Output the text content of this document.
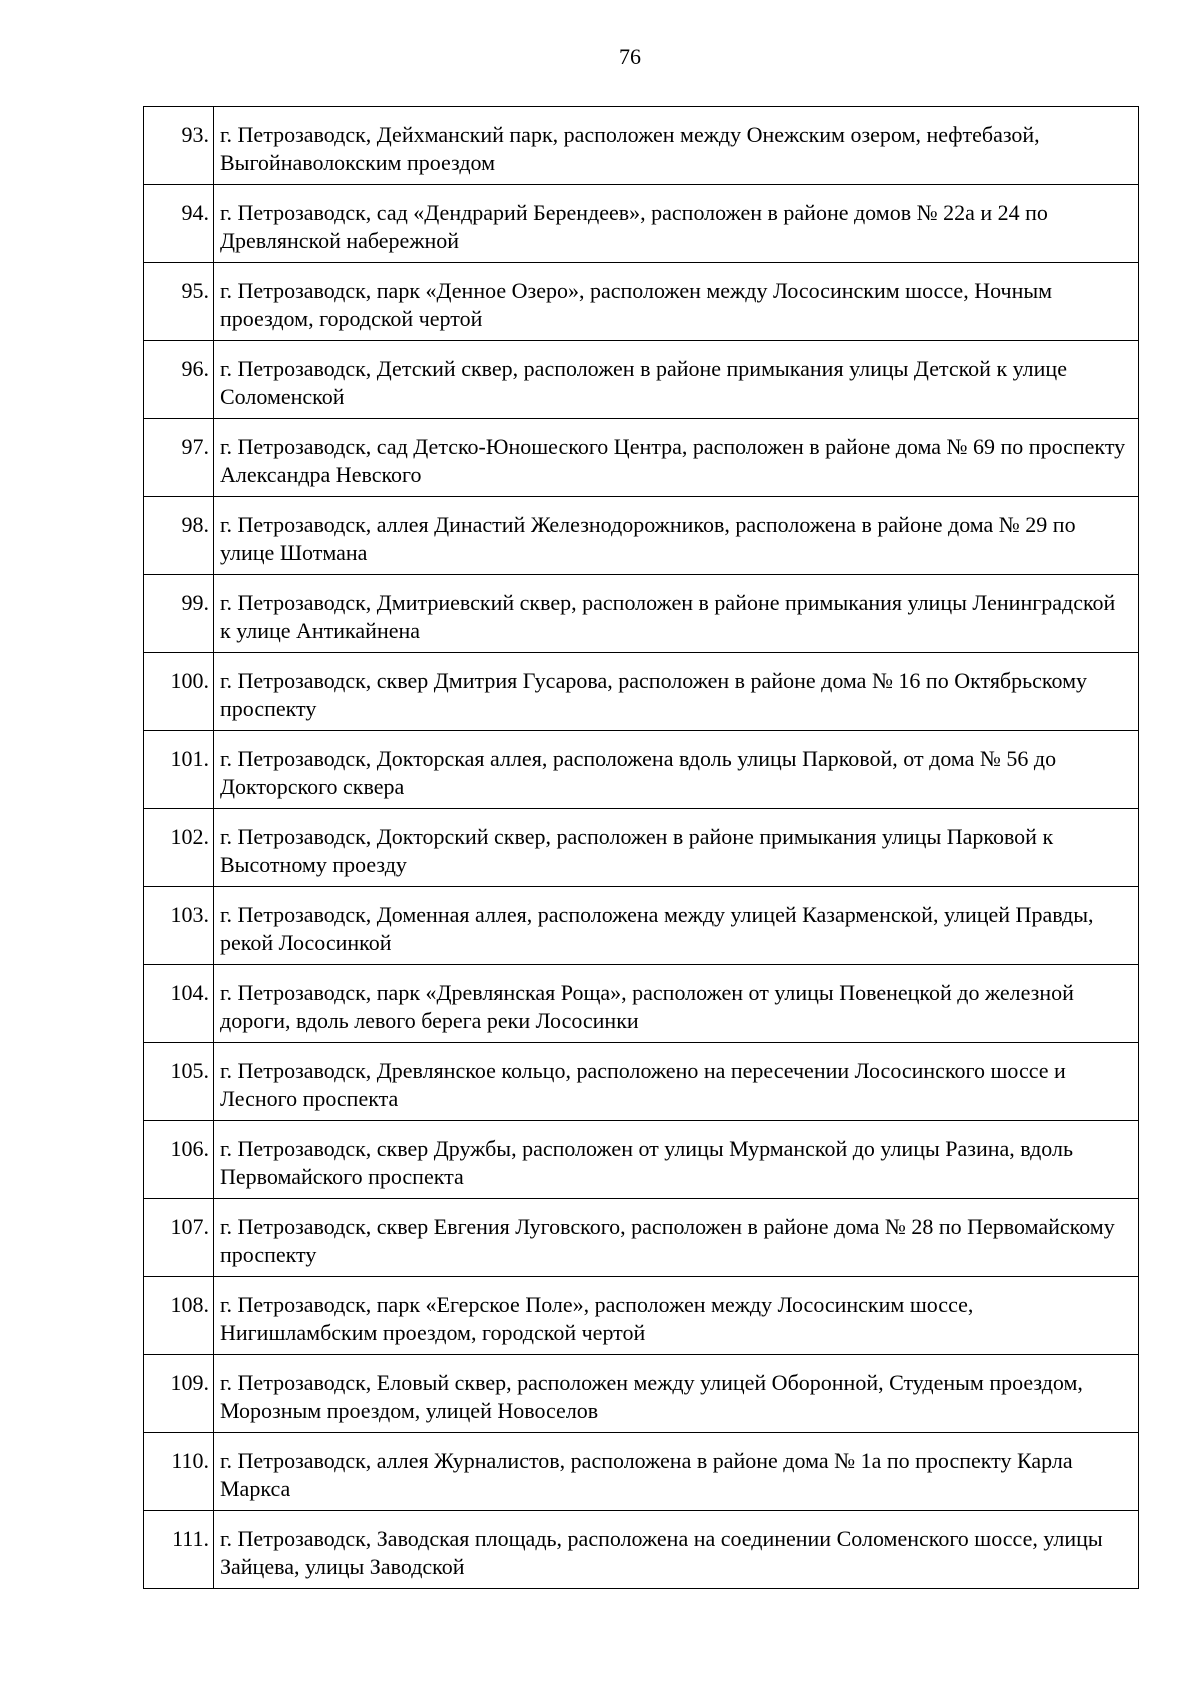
76
93.	г. Петрозаводск, Дейхманский парк, расположен между Онежским озером, нефтебазой, Выгойнаволокским проездом
94.	г. Петрозаводск, сад «Дендрарий Берендеев», расположен в районе домов № 22а и 24 по Древлянской набережной
95.	г. Петрозаводск, парк «Денное Озеро», расположен между Лососинским шоссе, Ночным проездом, городской чертой
96.	г. Петрозаводск, Детский сквер, расположен в районе примыкания улицы Детской к улице Соломенской
97.	г. Петрозаводск, сад Детско-Юношеского Центра, расположен в районе дома № 69 по проспекту Александра Невского
98.	г. Петрозаводск, аллея Династий Железнодорожников, расположена в районе дома № 29 по улице Шотмана
99.	г. Петрозаводск, Дмитриевский сквер, расположен в районе примыкания улицы Ленинградской к улице Антикайнена
100.	г. Петрозаводск, сквер Дмитрия Гусарова, расположен в районе дома № 16 по Октябрьскому проспекту
101.	г. Петрозаводск, Докторская аллея, расположена вдоль улицы Парковой, от дома № 56 до Докторского сквера
102.	г. Петрозаводск, Докторский сквер, расположен в районе примыкания улицы Парковой к Высотному проезду
103.	г. Петрозаводск, Доменная аллея, расположена между улицей Казарменской, улицей Правды, рекой Лососинкой
104.	г. Петрозаводск, парк «Древлянская Роща», расположен от улицы Повенецкой до железной дороги, вдоль левого берега реки Лососинки
105.	г. Петрозаводск, Древлянское кольцо, расположено на пересечении Лососинского шоссе и Лесного проспекта
106.	г. Петрозаводск, сквер Дружбы, расположен от улицы Мурманской до улицы Разина, вдоль Первомайского проспекта
107.	г. Петрозаводск, сквер Евгения Луговского, расположен в районе дома № 28 по Первомайскому проспекту
108.	г. Петрозаводск, парк «Егерское Поле», расположен между Лососинским шоссе, Нигишламбским проездом, городской чертой
109.	г. Петрозаводск, Еловый сквер, расположен между улицей Оборонной, Студеным проездом, Морозным проездом, улицей Новоселов
110.	г. Петрозаводск, аллея Журналистов, расположена в районе дома № 1а по проспекту Карла Маркса
111.	г. Петрозаводск, Заводская площадь, расположена на соединении Соломенского шоссе, улицы Зайцева, улицы Заводской
